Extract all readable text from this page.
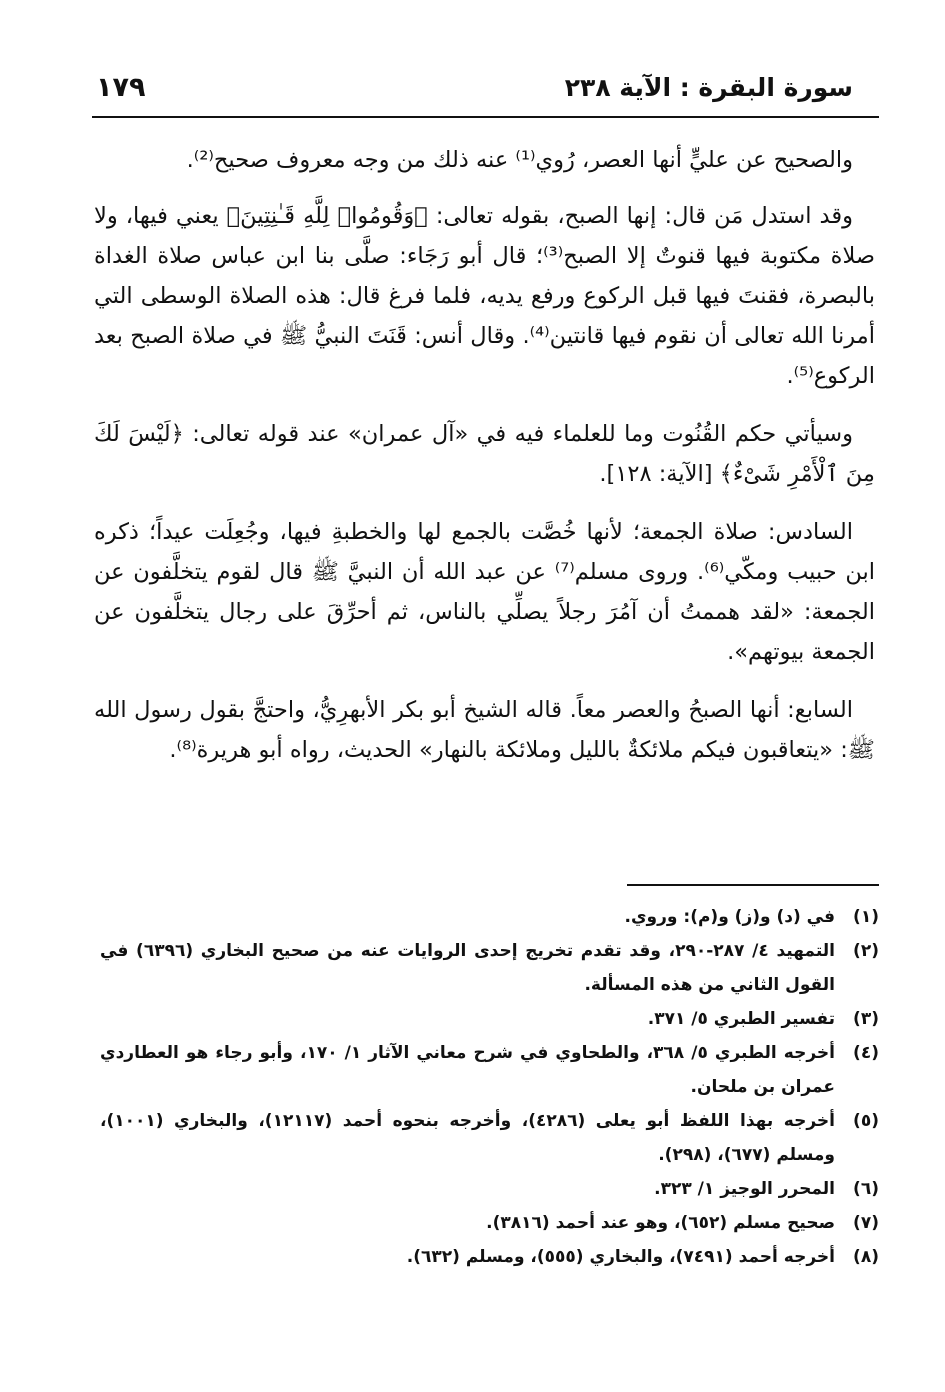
سورة البقرة : الآية ٢٣٨
١٧٩

والصحيح عن عليٍّ أنها العصر، رُوي⁽¹⁾ عنه ذلك من وجه معروف صحيح⁽²⁾.

وقد استدل مَن قال: إنها الصبح، بقوله تعالى: ﴿وَقُومُوا۟ لِلَّهِ قَـٰنِتِينَ﴾ يعني فيها، ولا صلاة مكتوبة فيها قنوتٌ إلا الصبح⁽³⁾؛ قال أبو رَجَاء: صلَّى بنا ابن عباس صلاة الغداة بالبصرة، فقنتَ فيها قبل الركوع ورفع يديه، فلما فرغ قال: هذه الصلاة الوسطى التي أمرنا الله تعالى أن نقوم فيها قانتين⁽⁴⁾. وقال أنس: قَنَتَ النبيُّ ﷺ في صلاة الصبح بعد الركوع⁽⁵⁾.

وسيأتي حكم القُنُوت وما للعلماء فيه في «آل عمران» عند قوله تعالى: ﴿لَيْسَ لَكَ مِنَ ٱلْأَمْرِ شَىْءٌ﴾ [الآية: ١٢٨].

السادس: صلاة الجمعة؛ لأنها خُصَّت بالجمع لها والخطبةِ فيها، وجُعِلَت عيداً؛ ذكره ابن حبيب ومكّي⁽⁶⁾. وروى مسلم⁽⁷⁾ عن عبد الله أن النبيَّ ﷺ قال لقوم يتخلَّفون عن الجمعة: «لقد هممتُ أن آمُرَ رجلاً يصلِّي بالناس، ثم أحرِّقَ على رجال يتخلَّفون عن الجمعة بيوتهم».

السابع: أنها الصبحُ والعصر معاً. قاله الشيخ أبو بكر الأبهرِيُّ، واحتجَّ بقول رسول الله ﷺ: «يتعاقبون فيكم ملائكةٌ بالليل وملائكة بالنهار» الحديث، رواه أبو هريرة⁽⁸⁾.

(١)
في (د) و(ز) و(م): وروي.
(٢)
التمهيد ٤/ ٢٨٧-٢٩٠، وقد تقدم تخريج إحدى الروايات عنه من صحيح البخاري (٦٣٩٦) في القول الثاني من هذه المسألة.
(٣)
تفسير الطبري ٥/ ٣٧١.
(٤)
أخرجه الطبري ٥/ ٣٦٨، والطحاوي في شرح معاني الآثار ١/ ١٧٠، وأبو رجاء هو العطاردي عمران بن ملحان.
(٥)
أخرجه بهذا اللفظ أبو يعلى (٤٢٨٦)، وأخرجه بنحوه أحمد (١٢١١٧)، والبخاري (١٠٠١)، ومسلم (٦٧٧)، (٢٩٨).
(٦)
المحرر الوجيز ١/ ٣٢٣.
(٧)
صحيح مسلم (٦٥٢)، وهو عند أحمد (٣٨١٦).
(٨)
أخرجه أحمد (٧٤٩١)، والبخاري (٥٥٥)، ومسلم (٦٣٢).
